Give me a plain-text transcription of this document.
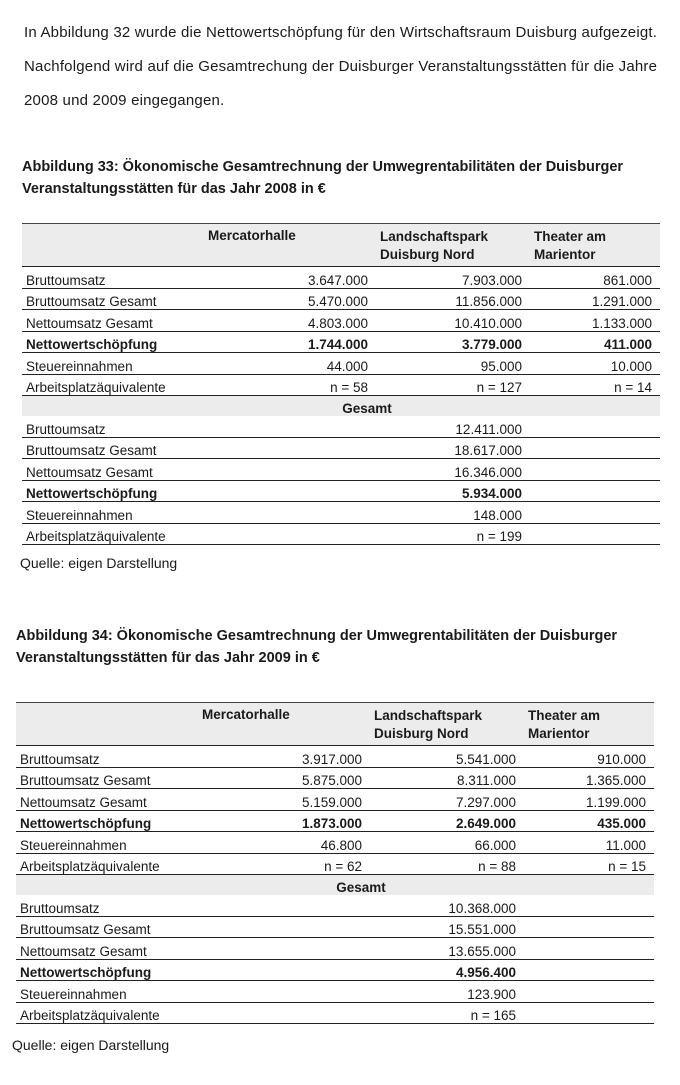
In Abbildung 32 wurde die Nettowertschöpfung für den Wirtschaftsraum Duisburg aufgezeigt. Nachfolgend wird auf die Gesamtrechung der Duisburger Veranstaltungsstätten für die Jahre 2008 und 2009 eingegangen.
Abbildung 33: Ökonomische Gesamtrechnung der Umwegrentabilitäten der Duisburger Veranstaltungsstätten für das Jahr 2008 in €
	Mercatorhalle	Landschaftspark Duisburg Nord	Theater am Marientor
Bruttoumsatz	3.647.000	7.903.000	861.000
Bruttoumsatz Gesamt	5.470.000	11.856.000	1.291.000
Nettoumsatz Gesamt	4.803.000	10.410.000	1.133.000
Nettowertschöpfung	1.744.000	3.779.000	411.000
Steuereinnahmen	44.000	95.000	10.000
Arbeitsplatzäquivalente	n = 58	n = 127	n = 14
	Gesamt		
Bruttoumsatz		12.411.000	
Bruttoumsatz Gesamt		18.617.000	
Nettoumsatz Gesamt		16.346.000	
Nettowertschöpfung		5.934.000	
Steuereinnahmen		148.000	
Arbeitsplatzäquivalente		n = 199	
Quelle: eigen Darstellung
Abbildung 34: Ökonomische Gesamtrechnung der Umwegrentabilitäten der Duisburger Veranstaltungsstätten für das Jahr 2009 in €
	Mercatorhalle	Landschaftspark Duisburg Nord	Theater am Marientor
Bruttoumsatz	3.917.000	5.541.000	910.000
Bruttoumsatz Gesamt	5.875.000	8.311.000	1.365.000
Nettoumsatz Gesamt	5.159.000	7.297.000	1.199.000
Nettowertschöpfung	1.873.000	2.649.000	435.000
Steuereinnahmen	46.800	66.000	11.000
Arbeitsplatzäquivalente	n = 62	n = 88	n = 15
	Gesamt		
Bruttoumsatz		10.368.000	
Bruttoumsatz Gesamt		15.551.000	
Nettoumsatz Gesamt		13.655.000	
Nettowertschöpfung		4.956.400	
Steuereinnahmen		123.900	
Arbeitsplatzäquivalente		n = 165	
Quelle: eigen Darstellung
